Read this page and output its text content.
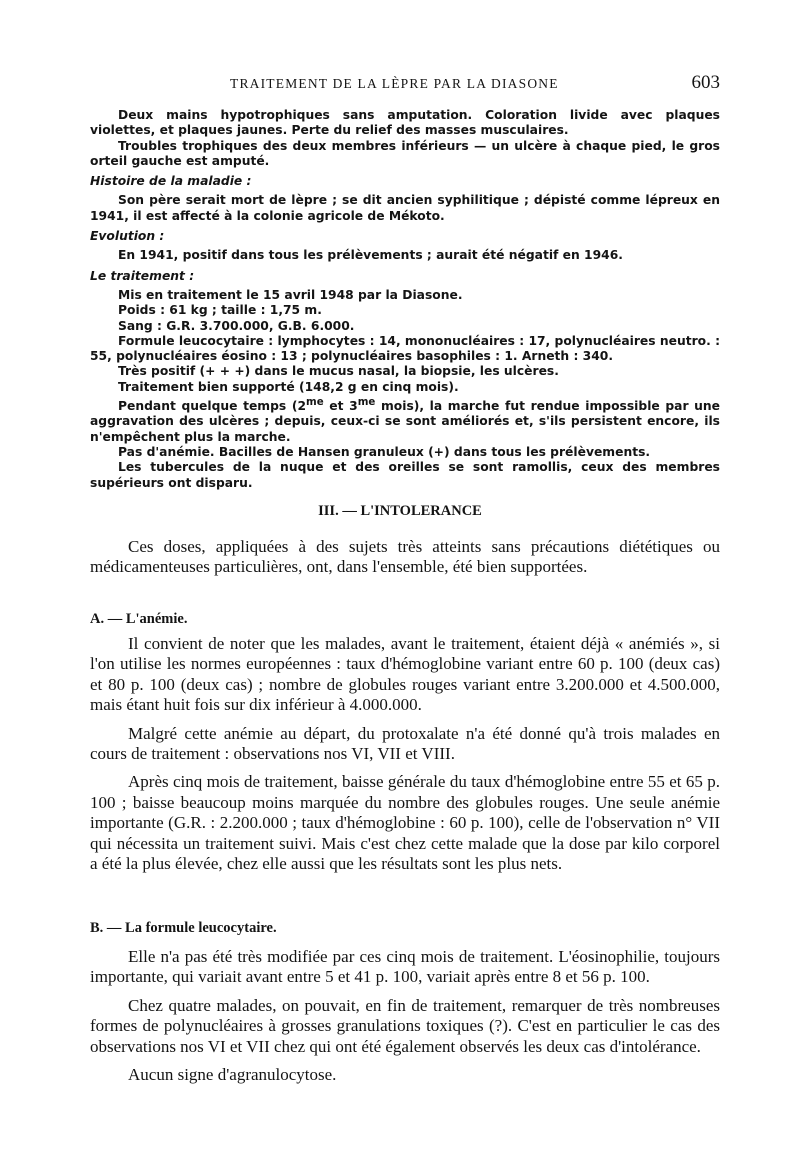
TRAITEMENT DE LA LÈPRE PAR LA DIASONE	603

Deux mains hypotrophiques sans amputation. Coloration livide avec plaques violettes, et plaques jaunes. Perte du relief des masses musculaires.

Troubles trophiques des deux membres inférieurs — un ulcère à chaque pied, le gros orteil gauche est amputé.

Histoire de la maladie :

Son père serait mort de lèpre ; se dit ancien syphilitique ; dépisté comme lépreux en 1941, il est affecté à la colonie agricole de Mékoto.

Evolution :

En 1941, positif dans tous les prélèvements ; aurait été négatif en 1946.

Le traitement :

Mis en traitement le 15 avril 1948 par la Diasone.

Poids : 61 kg ; taille : 1,75 m.

Sang : G.R. 3.700.000, G.B. 6.000.

Formule leucocytaire : lymphocytes : 14, mononucléaires : 17, polynucléaires neutro. : 55, polynucléaires éosino : 13 ; polynucléaires basophiles : 1. Arneth : 340.

Très positif (+ + +) dans le mucus nasal, la biopsie, les ulcères.

Traitement bien supporté (148,2 g en cinq mois).

Pendant quelque temps ($2^{me}$ et $3^{me}$ mois), la marche fut rendue impossible par une aggravation des ulcères ; depuis, ceux-ci se sont améliorés et, s'ils persistent encore, ils n'empêchent plus la marche.

Pas d'anémie. Bacilles de Hansen granuleux (+) dans tous les prélèvements.

Les tubercules de la nuque et des oreilles se sont ramollis, ceux des membres supérieurs ont disparu.

III. — L'INTOLERANCE

Ces doses, appliquées à des sujets très atteints sans précautions diététiques ou médicamenteuses particulières, ont, dans l'ensemble, été bien supportées.

A. — L'anémie.

Il convient de noter que les malades, avant le traitement, étaient déjà « anémiés », si l'on utilise les normes européennes : taux d'hémoglobine variant entre 60 p. 100 (deux cas) et 80 p. 100 (deux cas) ; nombre de globules rouges variant entre 3.200.000 et 4.500.000, mais étant huit fois sur dix inférieur à 4.000.000.

Malgré cette anémie au départ, du protoxalate n'a été donné qu'à trois malades en cours de traitement : observations nos VI, VII et VIII.

Après cinq mois de traitement, baisse générale du taux d'hémoglobine entre 55 et 65 p. 100 ; baisse beaucoup moins marquée du nombre des globules rouges. Une seule anémie importante (G.R. : 2.200.000 ; taux d'hémoglobine : 60 p. 100), celle de l'observation n° VII qui nécessita un traitement suivi. Mais c'est chez cette malade que la dose par kilo corporel a été la plus élevée, chez elle aussi que les résultats sont les plus nets.

B. — La formule leucocytaire.

Elle n'a pas été très modifiée par ces cinq mois de traitement. L'éosinophilie, toujours importante, qui variait avant entre 5 et 41 p. 100, variait après entre 8 et 56 p. 100.

Chez quatre malades, on pouvait, en fin de traitement, remarquer de très nombreuses formes de polynucléaires à grosses granulations toxiques (?). C'est en particulier le cas des observations nos VI et VII chez qui ont été également observés les deux cas d'intolérance.

Aucun signe d'agranulocytose.
